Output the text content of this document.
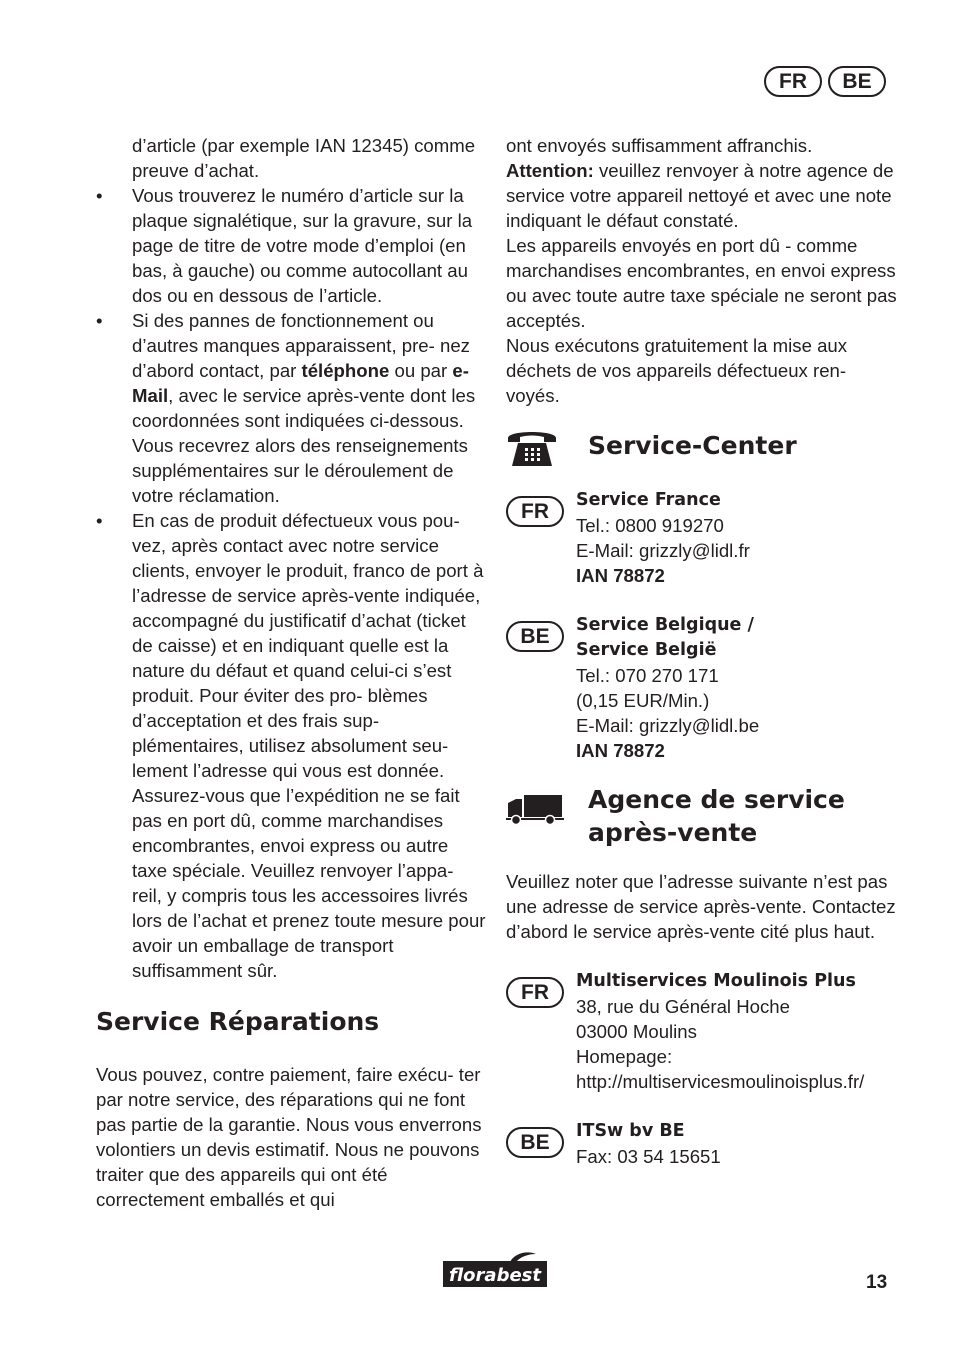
FR	BE

d’article (par exemple IAN 12345) comme preuve d’achat.

• Vous trouverez le numéro d’article sur la plaque signalétique, sur la gravure, sur la page de titre de votre mode d’emploi (en bas, à gauche) ou comme autocollant au dos ou en dessous de l’article.
• Si des pannes de fonctionnement ou d’autres manques apparaissent, pre- nez d’abord contact, par téléphone ou par e-Mail, avec le service après-vente dont les coordonnées sont indiquées ci-dessous. Vous recevrez alors des renseignements supplémentaires sur le déroulement de votre réclamation.
• En cas de produit défectueux vous pou- vez, après contact avec notre service clients, envoyer le produit, franco de port à l’adresse de service après-vente indiquée, accompagné du justificatif d’achat (ticket de caisse) et en indiquant quelle est la nature du défaut et quand celui-ci s’est produit. Pour éviter des pro- blèmes d’acceptation et des frais sup- plémentaires, utilisez absolument seu- lement l’adresse qui vous est donnée. Assurez-vous que l’expédition ne se fait pas en port dû, comme marchandises encombrantes, envoi express ou autre taxe spéciale. Veuillez renvoyer l’appa- reil, y compris tous les accessoires livrés lors de l’achat et prenez toute mesure pour avoir un emballage de transport suffisamment sûr.
Service Réparations

Vous pouvez, contre paiement, faire exécu- ter par notre service, des réparations qui ne font pas partie de la garantie. Nous vous enverrons volontiers un devis estimatif. Nous ne pouvons traiter que des appareils qui ont été correctement emballés et qui

ont envoyés suffisamment affranchis.

Attention: veuillez renvoyer à notre agence de service votre appareil nettoyé et avec une note indiquant le défaut constaté.

Les appareils envoyés en port dû - comme marchandises encombrantes, en envoi express ou avec toute autre taxe spéciale ne seront pas acceptés.

Nous exécutons gratuitement la mise aux déchets de vos appareils défectueux ren- voyés.

Service-Center
FR	Service France
Tel.: 0800 919270
E-Mail: grizzly@lidl.fr
IAN 78872
BE	Service Belgique /
Service België
Tel.: 070 270 171
(0,15 EUR/Min.)
E-Mail: grizzly@lidl.be
IAN 78872
Agence de service
après-vente

Veuillez noter que l’adresse suivante n’est pas une adresse de service après-vente. Contactez d’abord le service après-vente cité plus haut.

FR	Multiservices Moulinois Plus
38, rue du Général Hoche
03000 Moulins
Homepage:
http://multiservicesmoulinoisplus.fr/
BE	ITSw bv BE
Fax: 03 54 15651
florabest	13
